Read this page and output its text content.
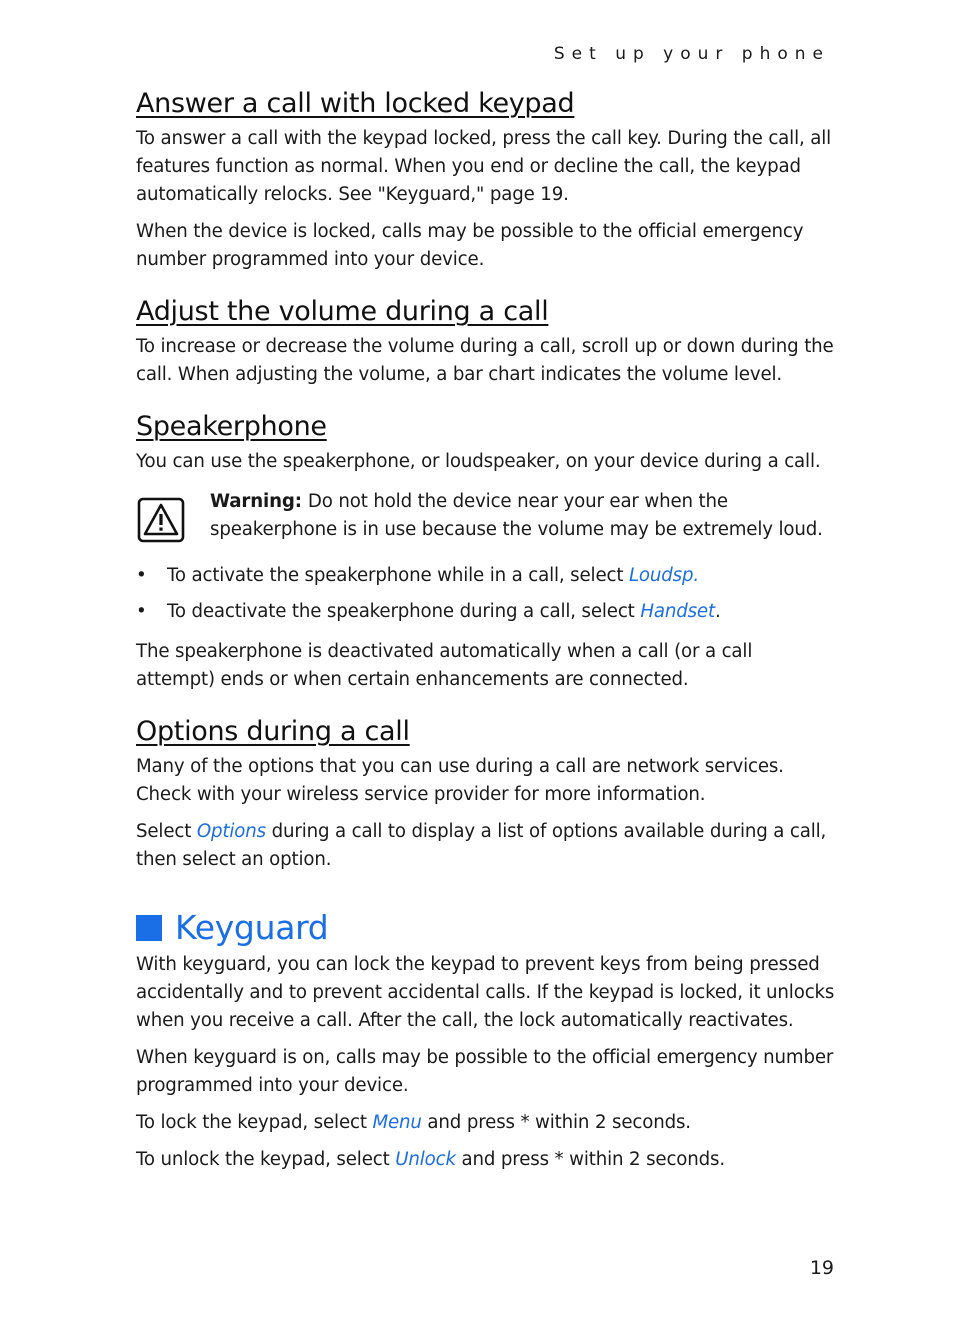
Set up your phone
Answer a call with locked keypad

To answer a call with the keypad locked, press the call key. During the call, all features function as normal. When you end or decline the call, the keypad automatically relocks. See "Keyguard," page 19.

When the device is locked, calls may be possible to the official emergency number programmed into your device.

Adjust the volume during a call

To increase or decrease the volume during a call, scroll up or down during the call. When adjusting the volume, a bar chart indicates the volume level.

Speakerphone

You can use the speakerphone, or loudspeaker, on your device during a call.

Warning: Do not hold the device near your ear when the speakerphone is in use because the volume may be extremely loud.

• To activate the speakerphone while in a call, select Loudsp.
• To deactivate the speakerphone during a call, select Handset.

The speakerphone is deactivated automatically when a call (or a call attempt) ends or when certain enhancements are connected.

Options during a call

Many of the options that you can use during a call are network services. Check with your wireless service provider for more information.

Select Options during a call to display a list of options available during a call, then select an option.

Keyguard

With keyguard, you can lock the keypad to prevent keys from being pressed accidentally and to prevent accidental calls. If the keypad is locked, it unlocks when you receive a call. After the call, the lock automatically reactivates.

When keyguard is on, calls may be possible to the official emergency number programmed into your device.

To lock the keypad, select Menu and press * within 2 seconds.

To unlock the keypad, select Unlock and press * within 2 seconds.

19
